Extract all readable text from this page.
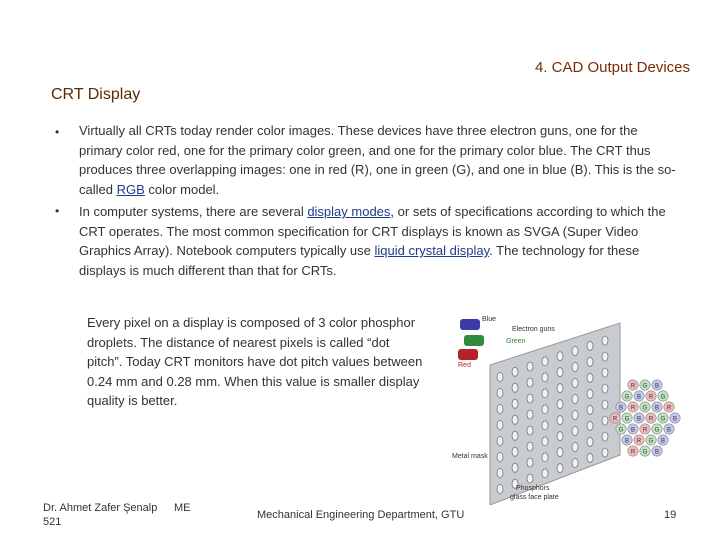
4. CAD Output Devices
CRT Display
• Virtually all CRTs today render color images. These devices have three electron guns, one for the primary color red, one for the primary color green, and one for the primary color blue. The CRT thus produces three overlapping images: one in red (R), one in green (G), and one in blue (B). This is the so-called RGB color model.
• In computer systems, there are several display modes, or sets of specifications according to which the CRT operates. The most common specification for CRT displays is known as SVGA (Super Video Graphics Array). Notebook computers typically use liquid crystal display. The technology for these displays is much different than that for CRTs.
Every pixel on a display is composed of 3 color phosphor droplets. The distance of nearest pixels is called “dot pitch”. Today CRT monitors have dot pitch values between 0.24 mm and 0.28 mm. When this value is smaller display quality is better.
Blue
Green
Red
Electron guns
Metal mask
R G B
G B R G
B R G B R
R G B R G B
G B R G B
B R G B
R G B
Phosphors
glass face plate
Dr. Ahmet Zafer Şenalp ME
521
Mechanical Engineering Department, GTU	19
